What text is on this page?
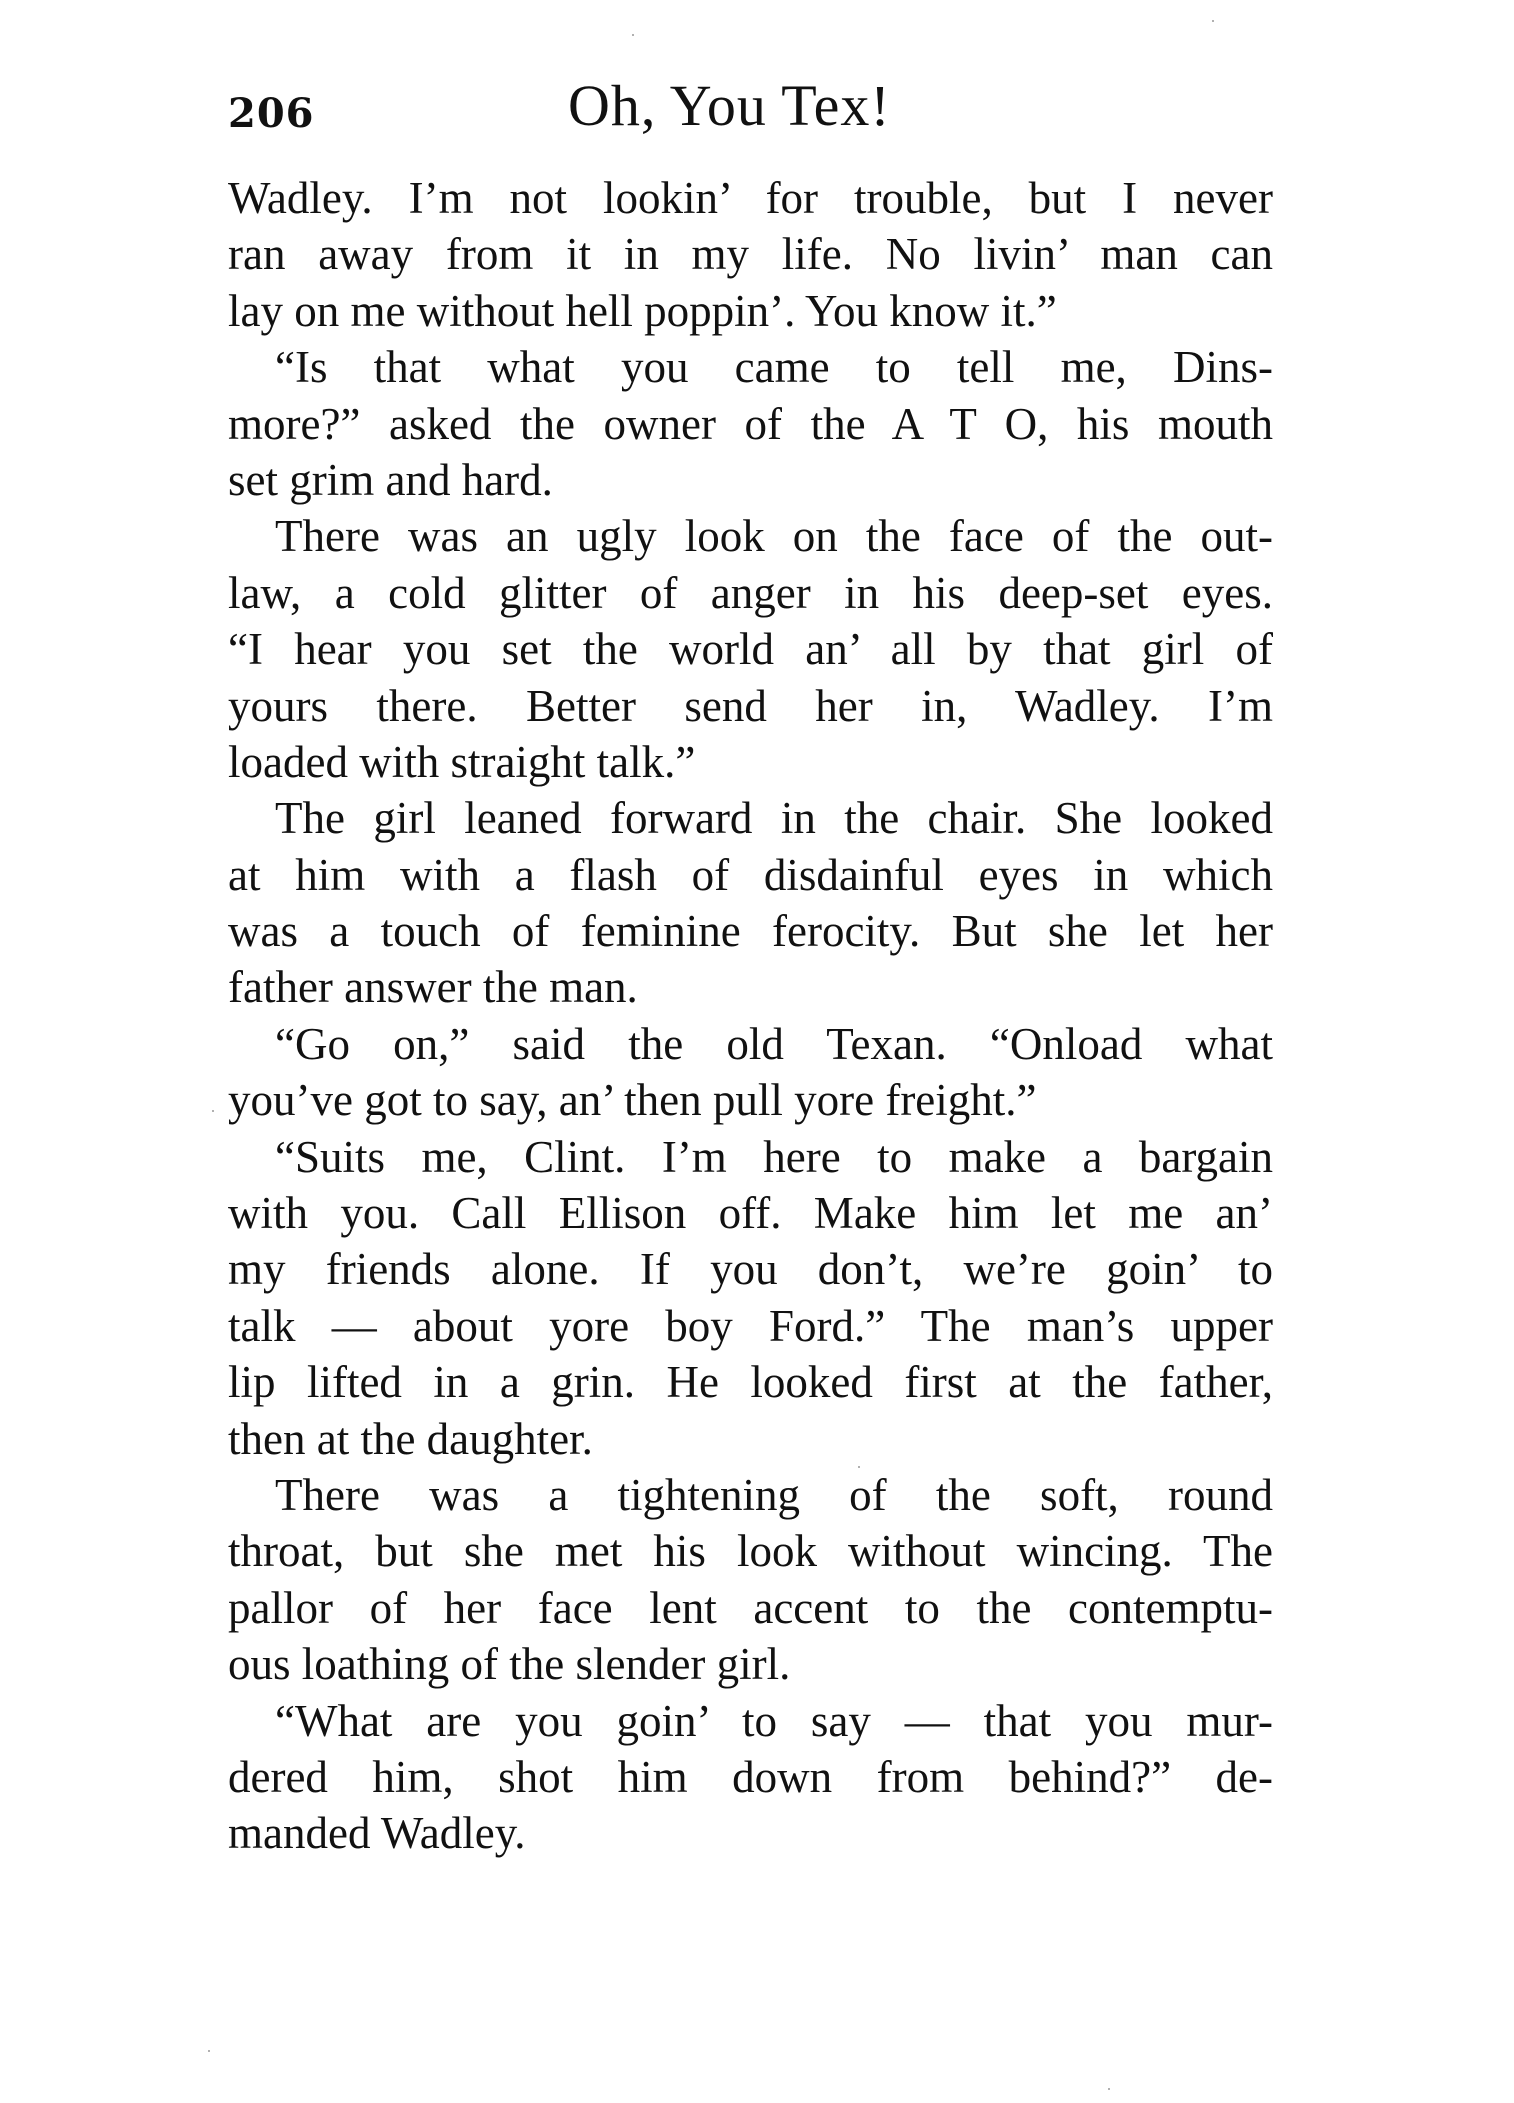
206	Oh, You Tex!
Wadley. I’m not lookin’ for trouble, but I never
ran away from it in my life. No livin’ man can
lay on me without hell poppin’. You know it.”
“Is that what you came to tell me, Dins-
more?” asked the owner of the A T O, his mouth
set grim and hard.
There was an ugly look on the face of the out-
law, a cold glitter of anger in his deep-set eyes.
“I hear you set the world an’ all by that girl of
yours there. Better send her in, Wadley. I’m
loaded with straight talk.”
The girl leaned forward in the chair. She looked
at him with a flash of disdainful eyes in which
was a touch of feminine ferocity. But she let her
father answer the man.
“Go on,” said the old Texan. “Onload what
you’ve got to say, an’ then pull yore freight.”
“Suits me, Clint. I’m here to make a bargain
with you. Call Ellison off. Make him let me an’
my friends alone. If you don’t, we’re goin’ to
talk — about yore boy Ford.” The man’s upper
lip lifted in a grin. He looked first at the father,
then at the daughter.
There was a tightening of the soft, round
throat, but she met his look without wincing. The
pallor of her face lent accent to the contemptu-
ous loathing of the slender girl.
“What are you goin’ to say — that you mur-
dered him, shot him down from behind?” de-
manded Wadley.
